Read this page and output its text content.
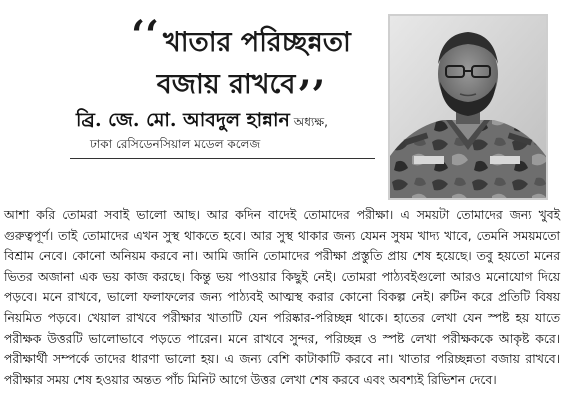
‘‘ খাতার পরিচ্ছন্নতা
বজায় রাখবে’’
ব্রি. জে. মো. আবদুল হান্নান অধ্যক্ষ,
ঢাকা রেসিডেনসিয়াল মডেল কলেজ
আশা করি তোমরা সবাই ভালো আছ। আর কদিন বাদেই তোমাদের পরীক্ষা। এ সময়টা তোমাদের জন্য খুবই গুরুত্বপূর্ণ। তাই তোমাদের এখন সুস্থ থাকতে হবে। আর সুস্থ থাকার জন্য যেমন সুষম খাদ্য খাবে, তেমনি সময়মতো বিশ্রাম নেবে। কোনো অনিয়ম করবে না। আমি জানি তোমাদের পরীক্ষা প্রস্তুতি প্রায় শেষ হয়েছে। তবু হয়তো মনের ভিতর অজানা এক ভয় কাজ করছে। কিন্তু ভয় পাওয়ার কিছুই নেই। তোমরা পাঠ্যবইগুলো আরও মনোযোগ দিয়ে পড়বে। মনে রাখবে, ভালো ফলাফলের জন্য পাঠ্যবই আত্মস্থ করার কোনো বিকল্প নেই। রুটিন করে প্রতিটি বিষয় নিয়মিত পড়বে। খেয়াল রাখবে পরীক্ষার খাতাটি যেন পরিষ্কার-পরিচ্ছন্ন থাকে। হাতের লেখা যেন স্পষ্ট হয় যাতে পরীক্ষক উত্তরটি ভালোভাবে পড়তে পারেন। মনে রাখবে সুন্দর, পরিচ্ছন্ন ও স্পষ্ট লেখা পরীক্ষককে আকৃষ্ট করে। পরীক্ষার্থী সম্পর্কে তাদের ধারণা ভালো হয়। এ জন্য বেশি কাটাকাটি করবে না। খাতার পরিচ্ছন্নতা বজায় রাখবে। পরীক্ষার সময় শেষ হওয়ার অন্তত পাঁচ মিনিট আগে উত্তর লেখা শেষ করবে এবং অবশ্যই রিভিশন দেবে।
